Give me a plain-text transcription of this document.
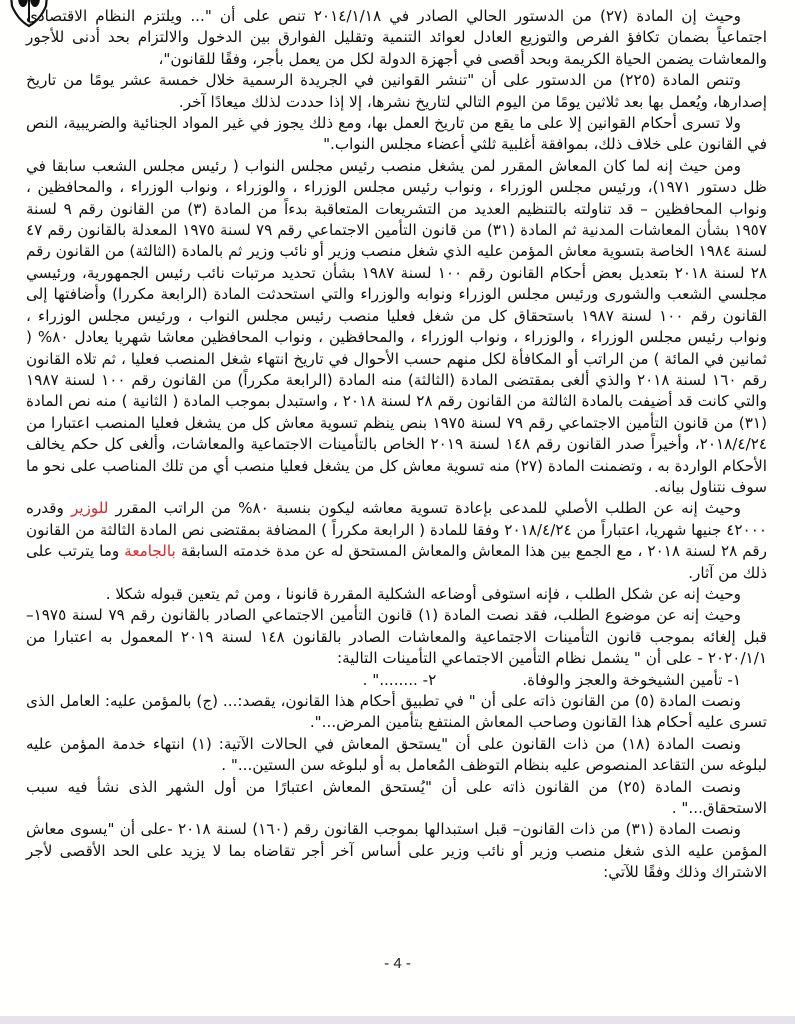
وحيث إن المادة (٢٧) من الدستور الحالي الصادر في ٢٠١٤/١/١٨ تنص على أن "... ويلتزم النظام الاقتصادي اجتماعياً بضمان تكافؤ الفرص والتوزيع العادل لعوائد التنمية وتقليل الفوارق بين الدخول والالتزام بحد أدنى للأجور والمعاشات يضمن الحياة الكريمة وبحد أقصى في أجهزة الدولة لكل من يعمل بأجر، وفقًا للقانون"،

وتنص المادة (٢٢٥) من الدستور على أن "تنشر القوانين في الجريدة الرسمية خلال خمسة عشر يومًا من تاريخ إصدارها، ويُعمل بها بعد ثلاثين يومًا من اليوم التالي لتاريخ نشرها، إلا إذا حددت لذلك ميعادًا آخر.

ولا تسرى أحكام القوانين إلا على ما يقع من تاريخ العمل بها، ومع ذلك يجوز في غير المواد الجنائية والضريبية، النص في القانون على خلاف ذلك، بموافقة أغلبية ثلثي أعضاء مجلس النواب."

ومن حيث إنه لما كان المعاش المقرر لمن يشغل منصب رئيس مجلس النواب ( رئيس مجلس الشعب سابقا في ظل دستور ١٩٧١)، ورئيس مجلس الوزراء ، ونواب رئيس مجلس الوزراء ، والوزراء ، ونواب الوزراء ، والمحافظين ، ونواب المحافظين – قد تناولته بالتنظيم العديد من التشريعات المتعاقبة بدءاً من المادة (٣) من القانون رقم ٩ لسنة ١٩٥٧ بشأن المعاشات المدنية ثم المادة (٣١) من قانون التأمين الاجتماعي رقم ٧٩ لسنة ١٩٧٥ المعدلة بالقانون رقم ٤٧ لسنة ١٩٨٤ الخاصة بتسوية معاش المؤمن عليه الذي شغل منصب وزير أو نائب وزير ثم بالمادة (الثالثة) من القانون رقم ٢٨ لسنة ٢٠١٨ بتعديل بعض أحكام القانون رقم ١٠٠ لسنة ١٩٨٧ بشأن تحديد مرتبات نائب رئيس الجمهورية، ورئيسي مجلسي الشعب والشورى ورئيس مجلس الوزراء ونوابه والوزراء والتي استحدثت المادة (الرابعة مكررا) وأضافتها إلى القانون رقم ١٠٠ لسنة ١٩٨٧ باستحقاق كل من شغل فعليا منصب رئيس مجلس النواب ، ورئيس مجلس الوزراء ، ونواب رئيس مجلس الوزراء ، والوزراء ، ونواب الوزراء ، والمحافظين ، ونواب المحافظين معاشا شهريا يعادل ٨٠% ( ثمانين في المائة ) من الراتب أو المكافأة لكل منهم حسب الأحوال في تاريخ انتهاء شغل المنصب فعليا ، ثم تلاه القانون رقم ١٦٠ لسنة ٢٠١٨ والذي ألغى بمقتضى المادة (الثالثة) منه المادة (الرابعة مكرراً) من القانون رقم ١٠٠ لسنة ١٩٨٧ والتي كانت قد أضيفت بالمادة الثالثة من القانون رقم ٢٨ لسنة ٢٠١٨ ، واستبدل بموجب المادة ( الثانية ) منه نص المادة (٣١) من قانون التأمين الاجتماعي رقم ٧٩ لسنة ١٩٧٥ بنص ينظم تسوية معاش كل من يشغل فعليا المنصب اعتبارا من ٢٠١٨/٤/٢٤، وأخيراً صدر القانون رقم ١٤٨ لسنة ٢٠١٩ الخاص بالتأمينات الاجتماعية والمعاشات، وألغى كل حكم يخالف الأحكام الواردة به ، وتضمنت المادة (٢٧) منه تسوية معاش كل من يشغل فعليا منصب أي من تلك المناصب على نحو ما سوف نتناول بيانه.

وحيث إنه عن الطلب الأصلي للمدعى بإعادة تسوية معاشه ليكون بنسبة ٨٠% من الراتب المقرر للوزير وقدره ٤٢٠٠٠ جنيها شهريا، اعتباراً من ٢٠١٨/٤/٢٤ وفقا للمادة ( الرابعة مكرراً ) المضافة بمقتضى نص المادة الثالثة من القانون رقم ٢٨ لسنة ٢٠١٨ ، مع الجمع بين هذا المعاش والمعاش المستحق له عن مدة خدمته السابقة بالجامعة وما يترتب على ذلك من آثار.

وحيث إنه عن شكل الطلب ، فإنه استوفى أوضاعه الشكلية المقررة قانونا ، ومن ثم يتعين قبوله شكلا .

وحيث إنه عن موضوع الطلب، فقد نصت المادة (١) قانون التأمين الاجتماعي الصادر بالقانون رقم ٧٩ لسنة ١٩٧٥– قبل إلغائه بموجب قانون التأمينات الاجتماعية والمعاشات الصادر بالقانون ١٤٨ لسنة ٢٠١٩ المعمول به اعتبارا من ٢٠٢٠/١/١ - على أن " يشمل نظام التأمين الاجتماعي التأمينات التالية:

١- تأمين الشيخوخة والعجز والوفاة.
٢- ........" .

ونصت المادة (٥) من القانون ذاته على أن " في تطبيق أحكام هذا القانون، يقصد:... (ج) بالمؤمن عليه: العامل الذى تسرى عليه أحكام هذا القانون وصاحب المعاش المنتفع بتأمين المرض...".

ونصت المادة (١٨) من ذات القانون على أن "يستحق المعاش في الحالات الآتية: (١) انتهاء خدمة المؤمن عليه لبلوغه سن التقاعد المنصوص عليه بنظام التوظف المُعامل به أو لبلوغه سن الستين..." .

ونصت المادة (٢٥) من القانون ذاته على أن "يُستحق المعاش اعتبارًا من أول الشهر الذى نشأ فيه سبب الاستحقاق..." .

ونصت المادة (٣١) من ذات القانون– قبل استبدالها بموجب القانون رقم (١٦٠) لسنة ٢٠١٨ -على أن "يسوى معاش المؤمن عليه الذى شغل منصب وزير أو نائب وزير على أساس آخر أجر تقاضاه بما لا يزيد على الحد الأقصى لأجر الاشتراك وذلك وفقًا للآتي:

- 4 -
